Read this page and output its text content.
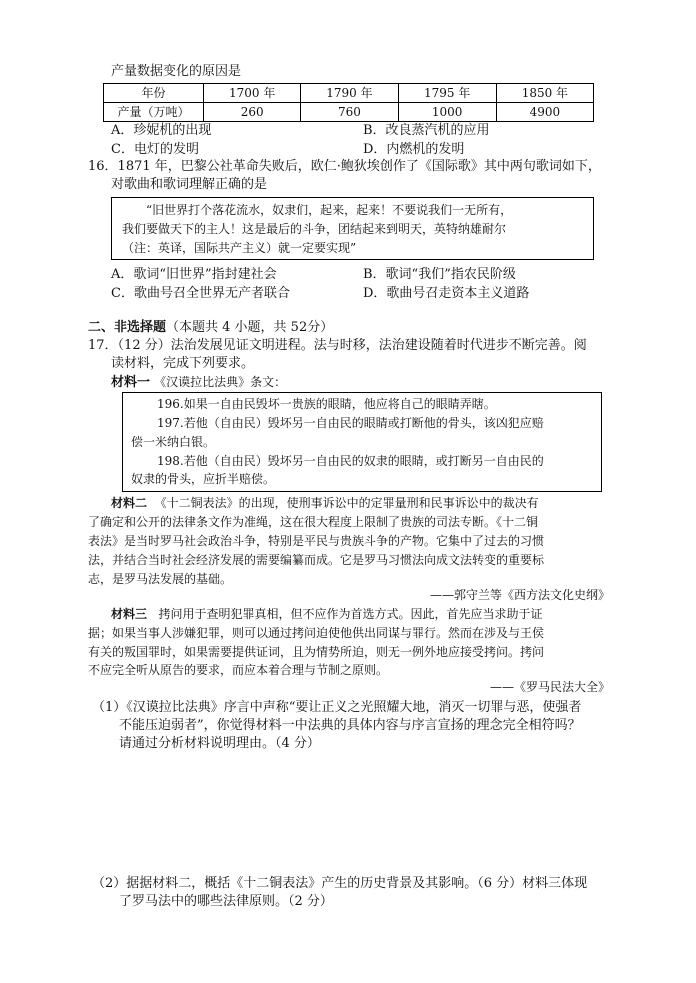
产量数据变化的原因是
年份	1700 年	1790 年	1795 年	1850 年
产量（万吨）	260	760	1000	4900
A．珍妮机的出现	B．改良蒸汽机的应用
C．电灯的发明	D．内燃机的发明
16．1871 年，巴黎公社革命失败后，欧仁·鲍狄埃创作了《国际歌》其中两句歌词如下，
对歌曲和歌词理解正确的是
“旧世界打个落花流水，奴隶们，起来，起来！不要说我们一无所有，
我们要做天下的主人！这是最后的斗争，团结起来到明天，英特纳雄耐尔
（注：英译，国际共产主义）就一定要实现”
A．歌词“旧世界”指封建社会	B．歌词“我们”指农民阶级
C．歌曲号召全世界无产者联合	D．歌曲号召走资本主义道路
二、非选择题（本题共 4 小题，共 52分）
17．（12 分）法治发展见证文明进程。法与时移，法治建设随着时代进步不断完善。阅
读材料，完成下列要求。
材料一 《汉谟拉比法典》条文：
196.如果一自由民毁坏一贵族的眼睛，他应将自己的眼睛弄瞎。
197.若他（自由民）毁坏另一自由民的眼睛或打断他的骨头，该凶犯应赔
偿一米纳白银。
198.若他（自由民）毁坏另一自由民的奴隶的眼睛，或打断另一自由民的
奴隶的骨头，应折半赔偿。
材料二 《十二铜表法》的出现，使刑事诉讼中的定罪量刑和民事诉讼中的裁决有
了确定和公开的法律条文作为准绳，这在很大程度上限制了贵族的司法专断。《十二铜
表法》是当时罗马社会政治斗争，特别是平民与贵族斗争的产物。它集中了过去的习惯
法，并结合当时社会经济发展的需要编纂而成。它是罗马习惯法向成文法转变的重要标
志，是罗马法发展的基础。
——郭守兰等《西方法文化史纲》
材料三 拷问用于查明犯罪真相，但不应作为首选方式。因此，首先应当求助于证
据；如果当事人涉嫌犯罪，则可以通过拷问迫使他供出同谋与罪行。然而在涉及与王侯
有关的叛国罪时，如果需要提供证词，且为情势所迫，则无一例外地应接受拷问。拷问
不应完全听从原告的要求，而应本着合理与节制之原则。
——《罗马民法大全》
（1）《汉谟拉比法典》序言中声称“要让正义之光照耀大地，消灭一切罪与恶，使强者
不能压迫弱者”，你觉得材料一中法典的具体内容与序言宣扬的理念完全相符吗？
请通过分析材料说明理由。（4 分）
（2）据据材料二，概括《十二铜表法》产生的历史背景及其影响。（6 分）材料三体现
了罗马法中的哪些法律原则。（2 分）
